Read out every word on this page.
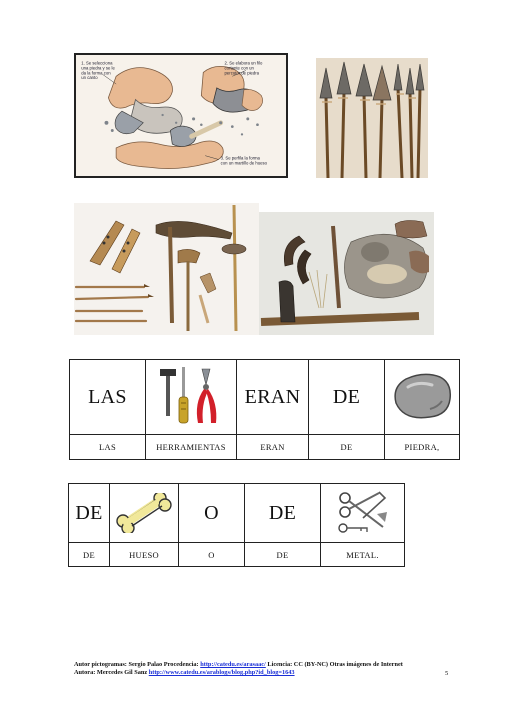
1. Se selecciona una piedra y se le da la forma con un canto
2. Se elabora un filo cortante con un percutor de piedra
3. Se perfila la forma con un martillo de hueso
LAS		ERAN	DE	

LAS	HERRAMIENTAS	ERAN	DE	PIEDRA,
DE		O	DE	

DE	HUESO	O	DE	METAL.
Autor pictogramas: Sergio Palao Procedencia: http://catedu.es/arasaac/ Licencia: CC (BY-NC) Otras imágenes de Internet
Autora: Mercedes Gil Sanz http://www.catedu.es/arablogs/blog.php?id_blog=1643	5
